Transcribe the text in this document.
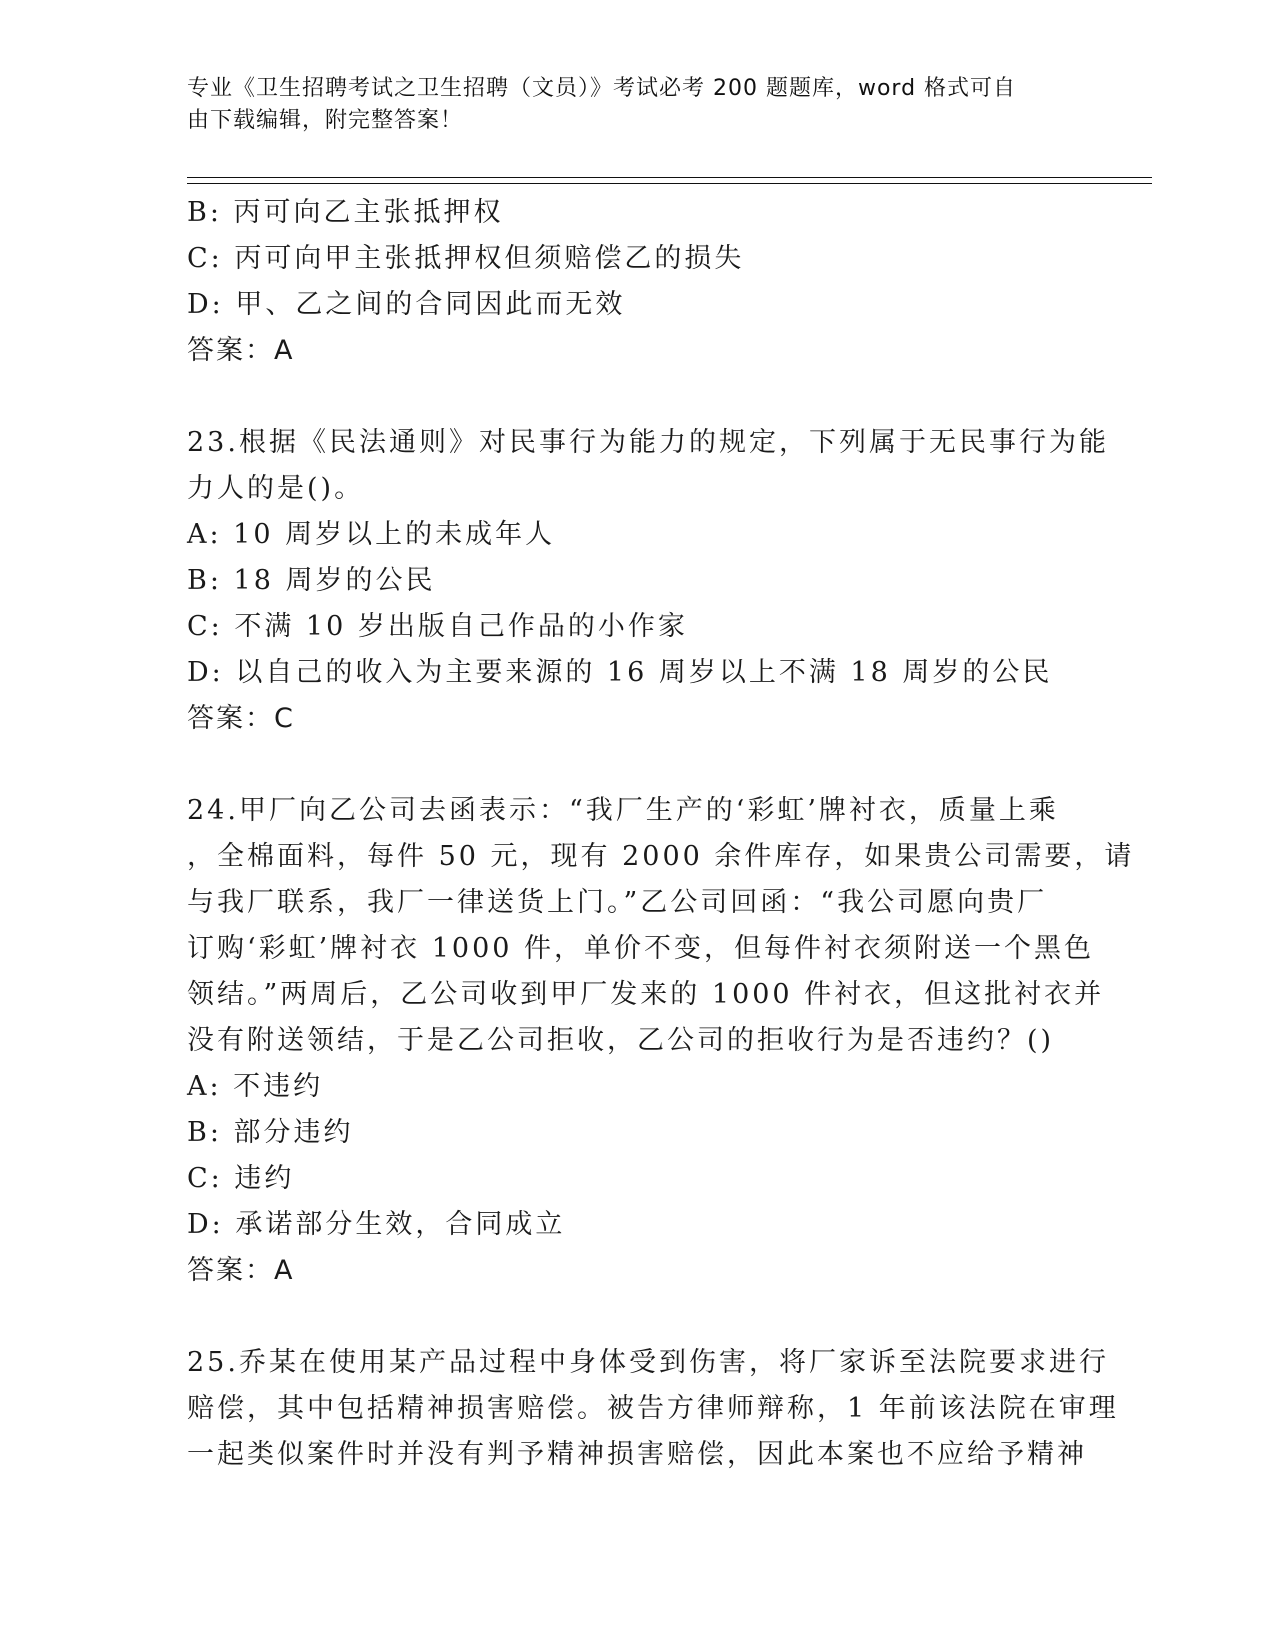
专业《卫生招聘考试之卫生招聘（文员）》考试必考 200 题题库，word 格式可自
由下载编辑，附完整答案！
B: 丙可向乙主张抵押权
C: 丙可向甲主张抵押权但须赔偿乙的损失
D: 甲、乙之间的合同因此而无效
答案：A
23.根据《民法通则》对民事行为能力的规定，下列属于无民事行为能
力人的是()。
A: 10 周岁以上的未成年人
B: 18 周岁的公民
C: 不满 10 岁出版自己作品的小作家
D: 以自己的收入为主要来源的 16 周岁以上不满 18 周岁的公民
答案：C
24.甲厂向乙公司去函表示：“我厂生产的‘彩虹’牌衬衣，质量上乘
，全棉面料，每件 50 元，现有 2000 余件库存，如果贵公司需要，请
与我厂联系，我厂一律送货上门。”乙公司回函：“我公司愿向贵厂
订购‘彩虹’牌衬衣 1000 件，单价不变，但每件衬衣须附送一个黑色
领结。”两周后，乙公司收到甲厂发来的 1000 件衬衣，但这批衬衣并
没有附送领结，于是乙公司拒收，乙公司的拒收行为是否违约？()
A: 不违约
B: 部分违约
C: 违约
D: 承诺部分生效，合同成立
答案：A
25.乔某在使用某产品过程中身体受到伤害，将厂家诉至法院要求进行
赔偿，其中包括精神损害赔偿。被告方律师辩称，1 年前该法院在审理
一起类似案件时并没有判予精神损害赔偿，因此本案也不应给予精神
